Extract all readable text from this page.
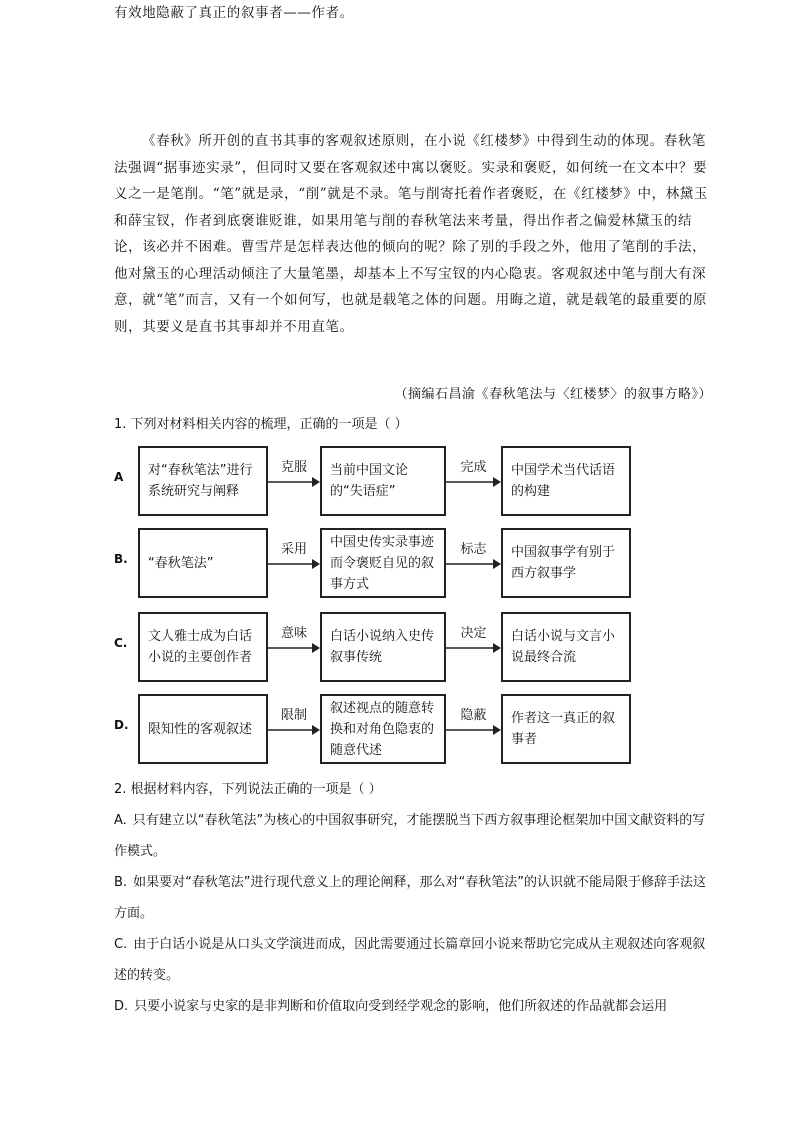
有效地隐蔽了真正的叙事者——作者。

《春秋》所开创的直书其事的客观叙述原则，在小说《红楼梦》中得到生动的体现。春秋笔法强调“据事迹实录”，但同时又要在客观叙述中寓以褒贬。实录和褒贬，如何统一在文本中？要义之一是笔削。“笔”就是录，“削”就是不录。笔与削寄托着作者褒贬，在《红楼梦》中，林黛玉和薛宝钗，作者到底褒谁贬谁，如果用笔与削的春秋笔法来考量，得出作者之偏爱林黛玉的结论，该必并不困难。曹雪芹是怎样表达他的倾向的呢？除了别的手段之外，他用了笔削的手法，他对黛玉的心理活动倾注了大量笔墨，却基本上不写宝钗的内心隐衷。客观叙述中笔与削大有深意，就“笔”而言，又有一个如何写，也就是载笔之体的问题。用晦之道，就是载笔的最重要的原则，其要义是直书其事却并不用直笔。
（摘编石昌渝《春秋笔法与〈红楼梦〉的叙事方略》）
1. 下列对材料相关内容的梳理，正确的一项是（ ）
A 对“春秋笔法”进行系统研究与阐释
克服	当前中国文论的“失语症”
完成	中国学术当代话语的构建
B. “春秋笔法”
采用	中国史传实录事迹而令褒贬自见的叙事方式
标志	中国叙事学有别于西方叙事学
C. 文人雅士成为白话小说的主要创作者
意味	白话小说纳入史传叙事传统
决定	白话小说与文言小说最终合流
D. 限知性的客观叙述
限制	叙述视点的随意转换和对角色隐衷的随意代述
隐蔽	作者这一真正的叙事者
2. 根据材料内容，下列说法正确的一项是（ ）
A. 只有建立以“春秋笔法”为核心的中国叙事研究，才能摆脱当下西方叙事理论框架加中国文献资料的写作模式。
B. 如果要对“春秋笔法”进行现代意义上的理论阐释，那么对“春秋笔法”的认识就不能局限于修辞手法这方面。
C. 由于白话小说是从口头文学演进而成，因此需要通过长篇章回小说来帮助它完成从主观叙述向客观叙述的转变。
D. 只要小说家与史家的是非判断和价值取向受到经学观念的影响，他们所叙述的作品就都会运用
